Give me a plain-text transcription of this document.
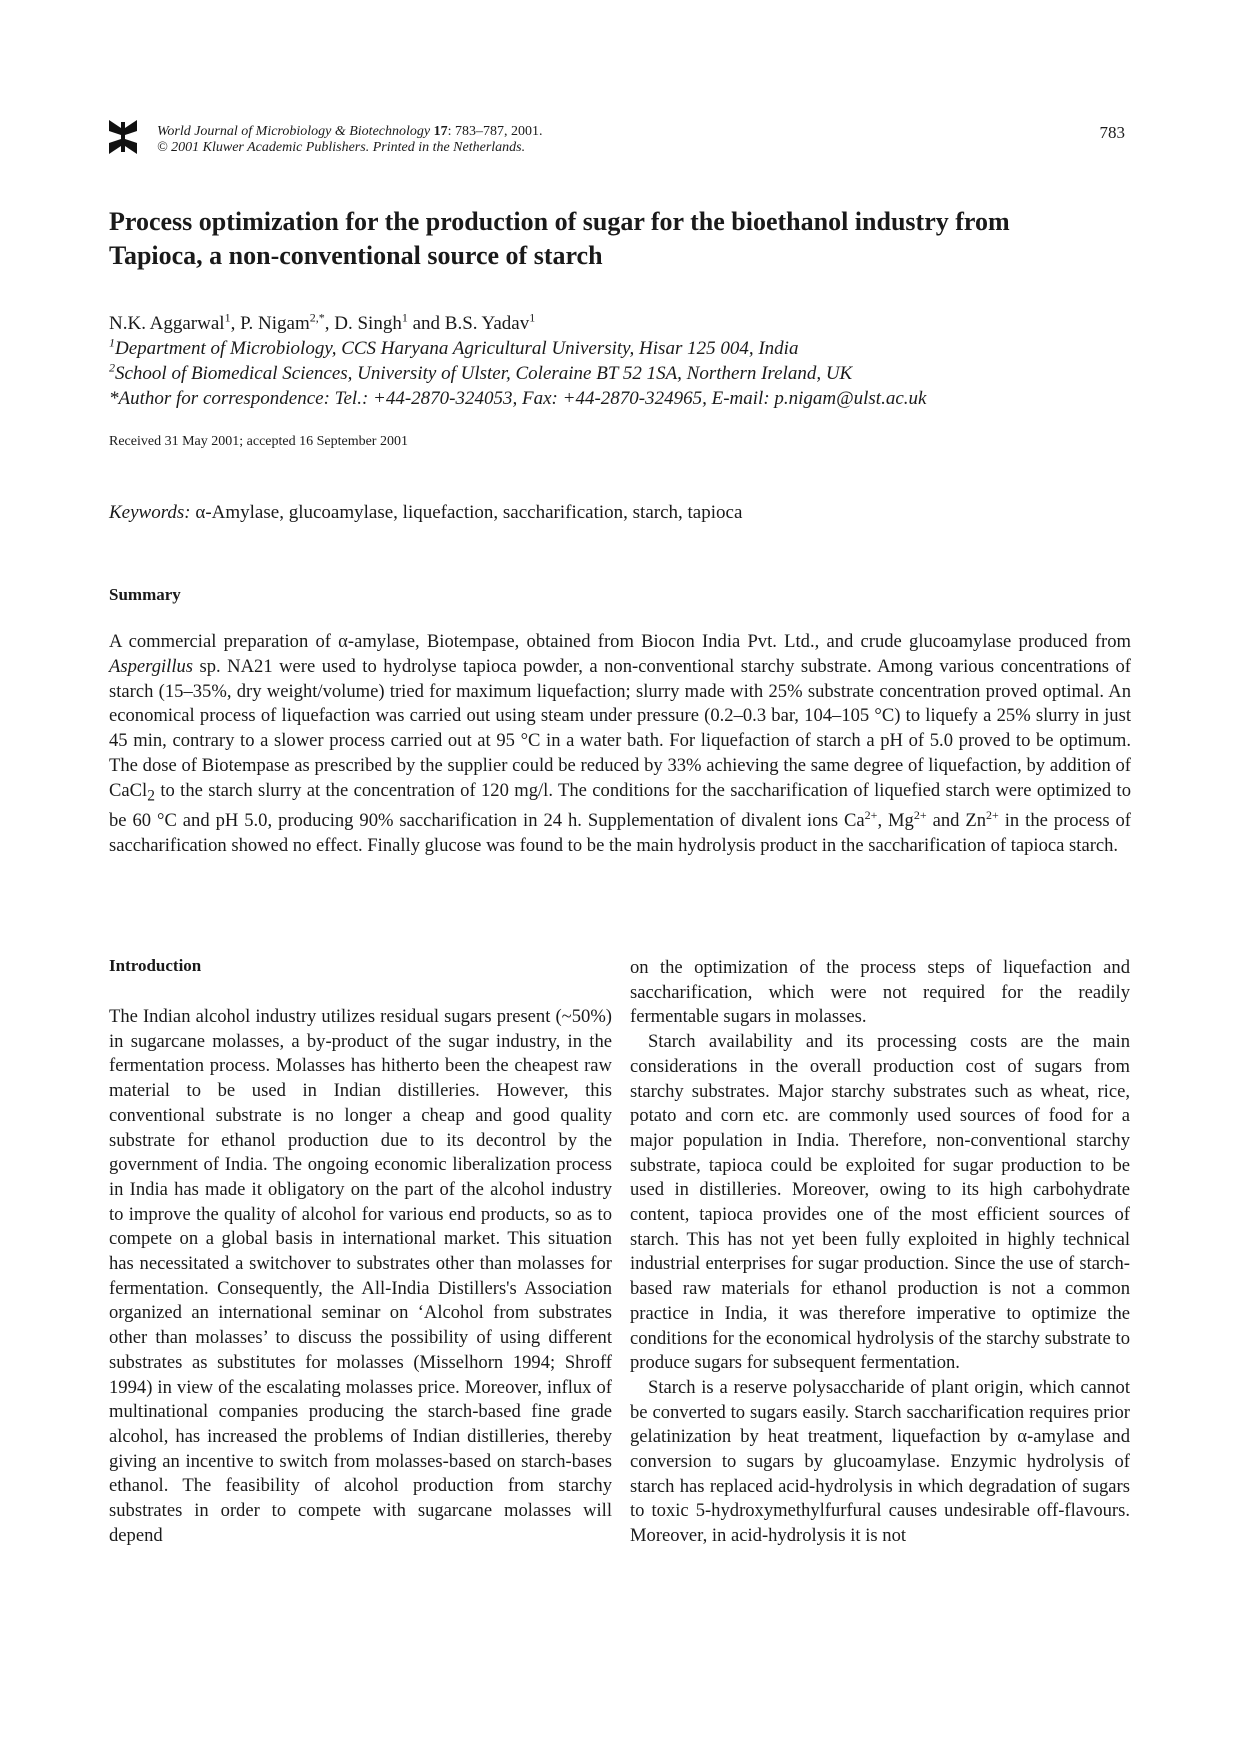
World Journal of Microbiology & Biotechnology 17: 783–787, 2001.
© 2001 Kluwer Academic Publishers. Printed in the Netherlands.
783
Process optimization for the production of sugar for the bioethanol industry from Tapioca, a non-conventional source of starch
N.K. Aggarwal$^1$, P. Nigam$^{2,*}$, D. Singh$^1$ and B.S. Yadav$^1$
$^1$Department of Microbiology, CCS Haryana Agricultural University, Hisar 125 004, India
$^2$School of Biomedical Sciences, University of Ulster, Coleraine BT 52 1SA, Northern Ireland, UK
*Author for correspondence: Tel.: +44-2870-324053, Fax: +44-2870-324965, E-mail: p.nigam@ulst.ac.uk
Received 31 May 2001; accepted 16 September 2001
Keywords: α-Amylase, glucoamylase, liquefaction, saccharification, starch, tapioca
Summary

A commercial preparation of α-amylase, Biotempase, obtained from Biocon India Pvt. Ltd., and crude glucoamylase produced from Aspergillus sp. NA21 were used to hydrolyse tapioca powder, a non-conventional starchy substrate. Among various concentrations of starch (15–35%, dry weight/volume) tried for maximum liquefaction; slurry made with 25% substrate concentration proved optimal. An economical process of liquefaction was carried out using steam under pressure (0.2–0.3 bar, 104–105 °C) to liquefy a 25% slurry in just 45 min, contrary to a slower process carried out at 95 °C in a water bath. For liquefaction of starch a pH of 5.0 proved to be optimum. The dose of Biotempase as prescribed by the supplier could be reduced by 33% achieving the same degree of liquefaction, by addition of CaCl$_2$ to the starch slurry at the concentration of 120 mg/l. The conditions for the saccharification of liquefied starch were optimized to be 60 °C and pH 5.0, producing 90% saccharification in 24 h. Supplementation of divalent ions $Ca^{2+}$, $Mg^{2+}$ and $Zn^{2+}$ in the process of saccharification showed no effect. Finally glucose was found to be the main hydrolysis product in the saccharification of tapioca starch.

Introduction

The Indian alcohol industry utilizes residual sugars present (~50%) in sugarcane molasses, a by-product of the sugar industry, in the fermentation process. Molasses has hitherto been the cheapest raw material to be used in Indian distilleries. However, this conventional substrate is no longer a cheap and good quality substrate for ethanol production due to its decontrol by the government of India. The ongoing economic liberalization process in India has made it obligatory on the part of the alcohol industry to improve the quality of alcohol for various end products, so as to compete on a global basis in international market. This situation has necessitated a switchover to substrates other than molasses for fermentation. Consequently, the All-India Distillers's Association organized an international seminar on ‘Alcohol from substrates other than molasses’ to discuss the possibility of using different substrates as substitutes for molasses (Misselhorn 1994; Shroff 1994) in view of the escalating molasses price. Moreover, influx of multinational companies producing the starch-based fine grade alcohol, has increased the problems of Indian distilleries, thereby giving an incentive to switch from molasses-based on starch-bases ethanol. The feasibility of alcohol production from starchy substrates in order to compete with sugarcane molasses will depend

on the optimization of the process steps of liquefaction and saccharification, which were not required for the readily fermentable sugars in molasses.

Starch availability and its processing costs are the main considerations in the overall production cost of sugars from starchy substrates. Major starchy substrates such as wheat, rice, potato and corn etc. are commonly used sources of food for a major population in India. Therefore, non-conventional starchy substrate, tapioca could be exploited for sugar production to be used in distilleries. Moreover, owing to its high carbohydrate content, tapioca provides one of the most efficient sources of starch. This has not yet been fully exploited in highly technical industrial enterprises for sugar production. Since the use of starch-based raw materials for ethanol production is not a common practice in India, it was therefore imperative to optimize the conditions for the economical hydrolysis of the starchy substrate to produce sugars for subsequent fermentation.

Starch is a reserve polysaccharide of plant origin, which cannot be converted to sugars easily. Starch saccharification requires prior gelatinization by heat treatment, liquefaction by α-amylase and conversion to sugars by glucoamylase. Enzymic hydrolysis of starch has replaced acid-hydrolysis in which degradation of sugars to toxic 5-hydroxymethylfurfural causes undesirable off-flavours. Moreover, in acid-hydrolysis it is not
